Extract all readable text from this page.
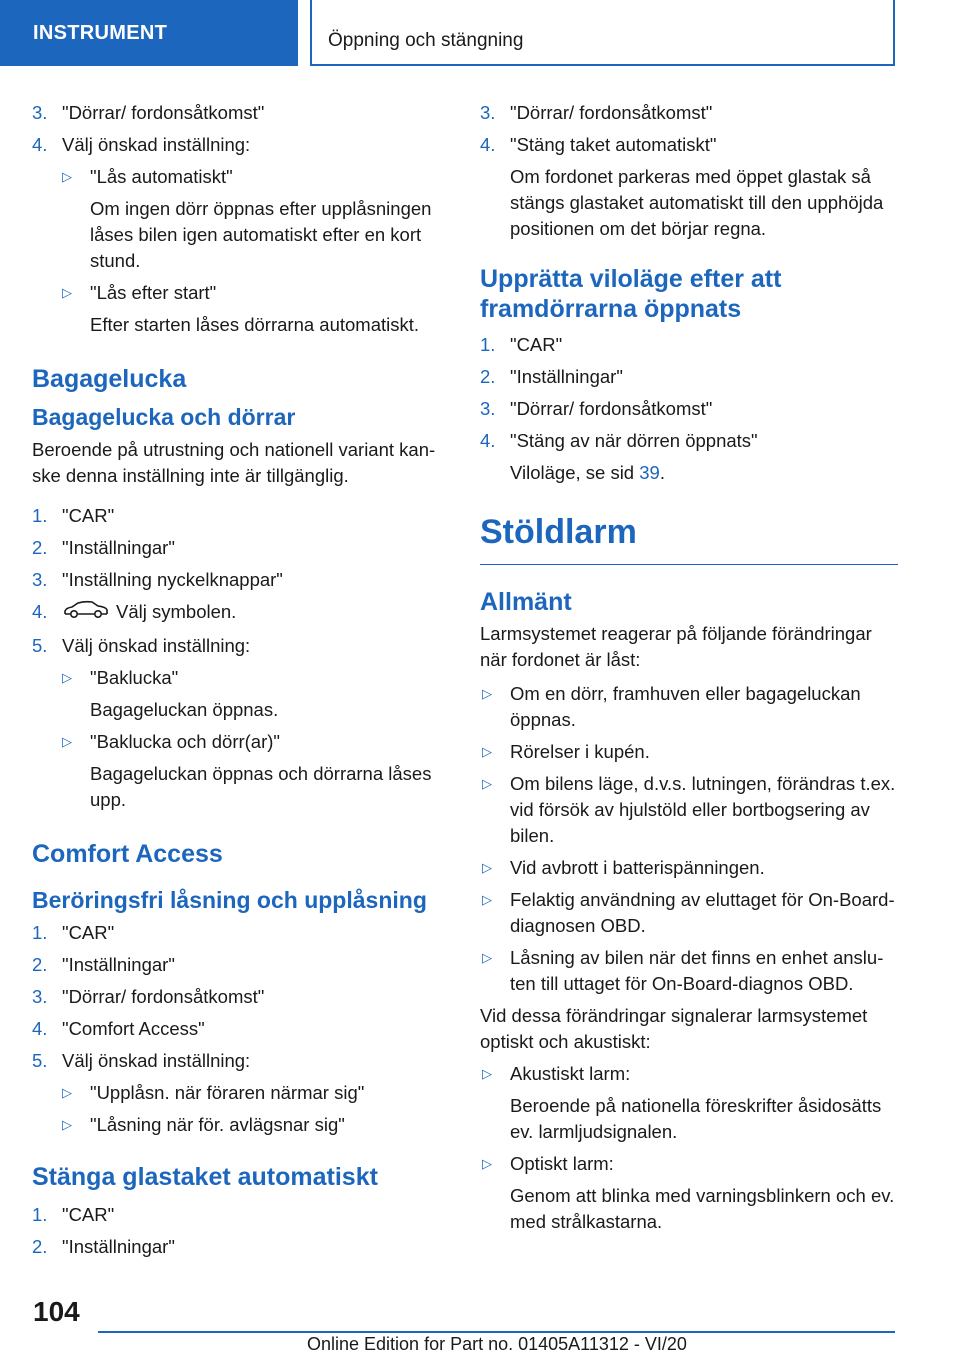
INSTRUMENT	Öppning och stängning
3. "Dörrar/ fordonsåtkomst"
4. Välj önskad inställning:
▷ "Lås automatiskt"
Om ingen dörr öppnas efter upplåsningen låses bilen igen automatiskt efter en kort stund.
▷ "Lås efter start"
Efter starten låses dörrarna automatiskt.
Bagagelucka
Bagagelucka och dörrar
Beroende på utrustning och nationell variant kanske denna inställning inte är tillgänglig.
1. "CAR"
2. "Inställningar"
3. "Inställning nyckelknappar"
4.	Välj symbolen.
5. Välj önskad inställning:
▷ "Baklucka"
Bagageluckan öppnas.
▷ "Baklucka och dörr(ar)"
Bagageluckan öppnas och dörrarna låses upp.
Comfort Access
Beröringsfri låsning och upplåsning
1. "CAR"
2. "Inställningar"
3. "Dörrar/ fordonsåtkomst"
4. "Comfort Access"
5. Välj önskad inställning:
▷ "Upplåsn. när föraren närmar sig"
▷ "Låsning när för. avlägsnar sig"
Stänga glastaket automatiskt
1. "CAR"
2. "Inställningar"
3. "Dörrar/ fordonsåtkomst"
4. "Stäng taket automatiskt"
Om fordonet parkeras med öppet glastak så stängs glastaket automatiskt till den upphöjda positionen om det börjar regna.
Upprätta viloläge efter att framdörrarna öppnats
1. "CAR"
2. "Inställningar"
3. "Dörrar/ fordonsåtkomst"
4. "Stäng av när dörren öppnats"
Viloläge, se sid 39.
Stöldlarm
Allmänt
Larmsystemet reagerar på följande förändringar när fordonet är låst:
▷ Om en dörr, framhuven eller bagageluckan öppnas.
▷ Rörelser i kupén.
▷ Om bilens läge, d.v.s. lutningen, förändras t.ex. vid försök av hjulstöld eller bortbogsering av bilen.
▷ Vid avbrott i batterispänningen.
▷ Felaktig användning av eluttaget för On-Board-diagnosen OBD.
▷ Låsning av bilen när det finns en enhet ansluten till uttaget för On-Board-diagnos OBD.
Vid dessa förändringar signalerar larmsystemet optiskt och akustiskt:
▷ Akustiskt larm:
Beroende på nationella föreskrifter åsidosätts ev. larmljudsignalen.
▷ Optiskt larm:
Genom att blinka med varningsblinkern och ev. med strålkastarna.
104
Online Edition for Part no. 01405A11312 - VI/20
